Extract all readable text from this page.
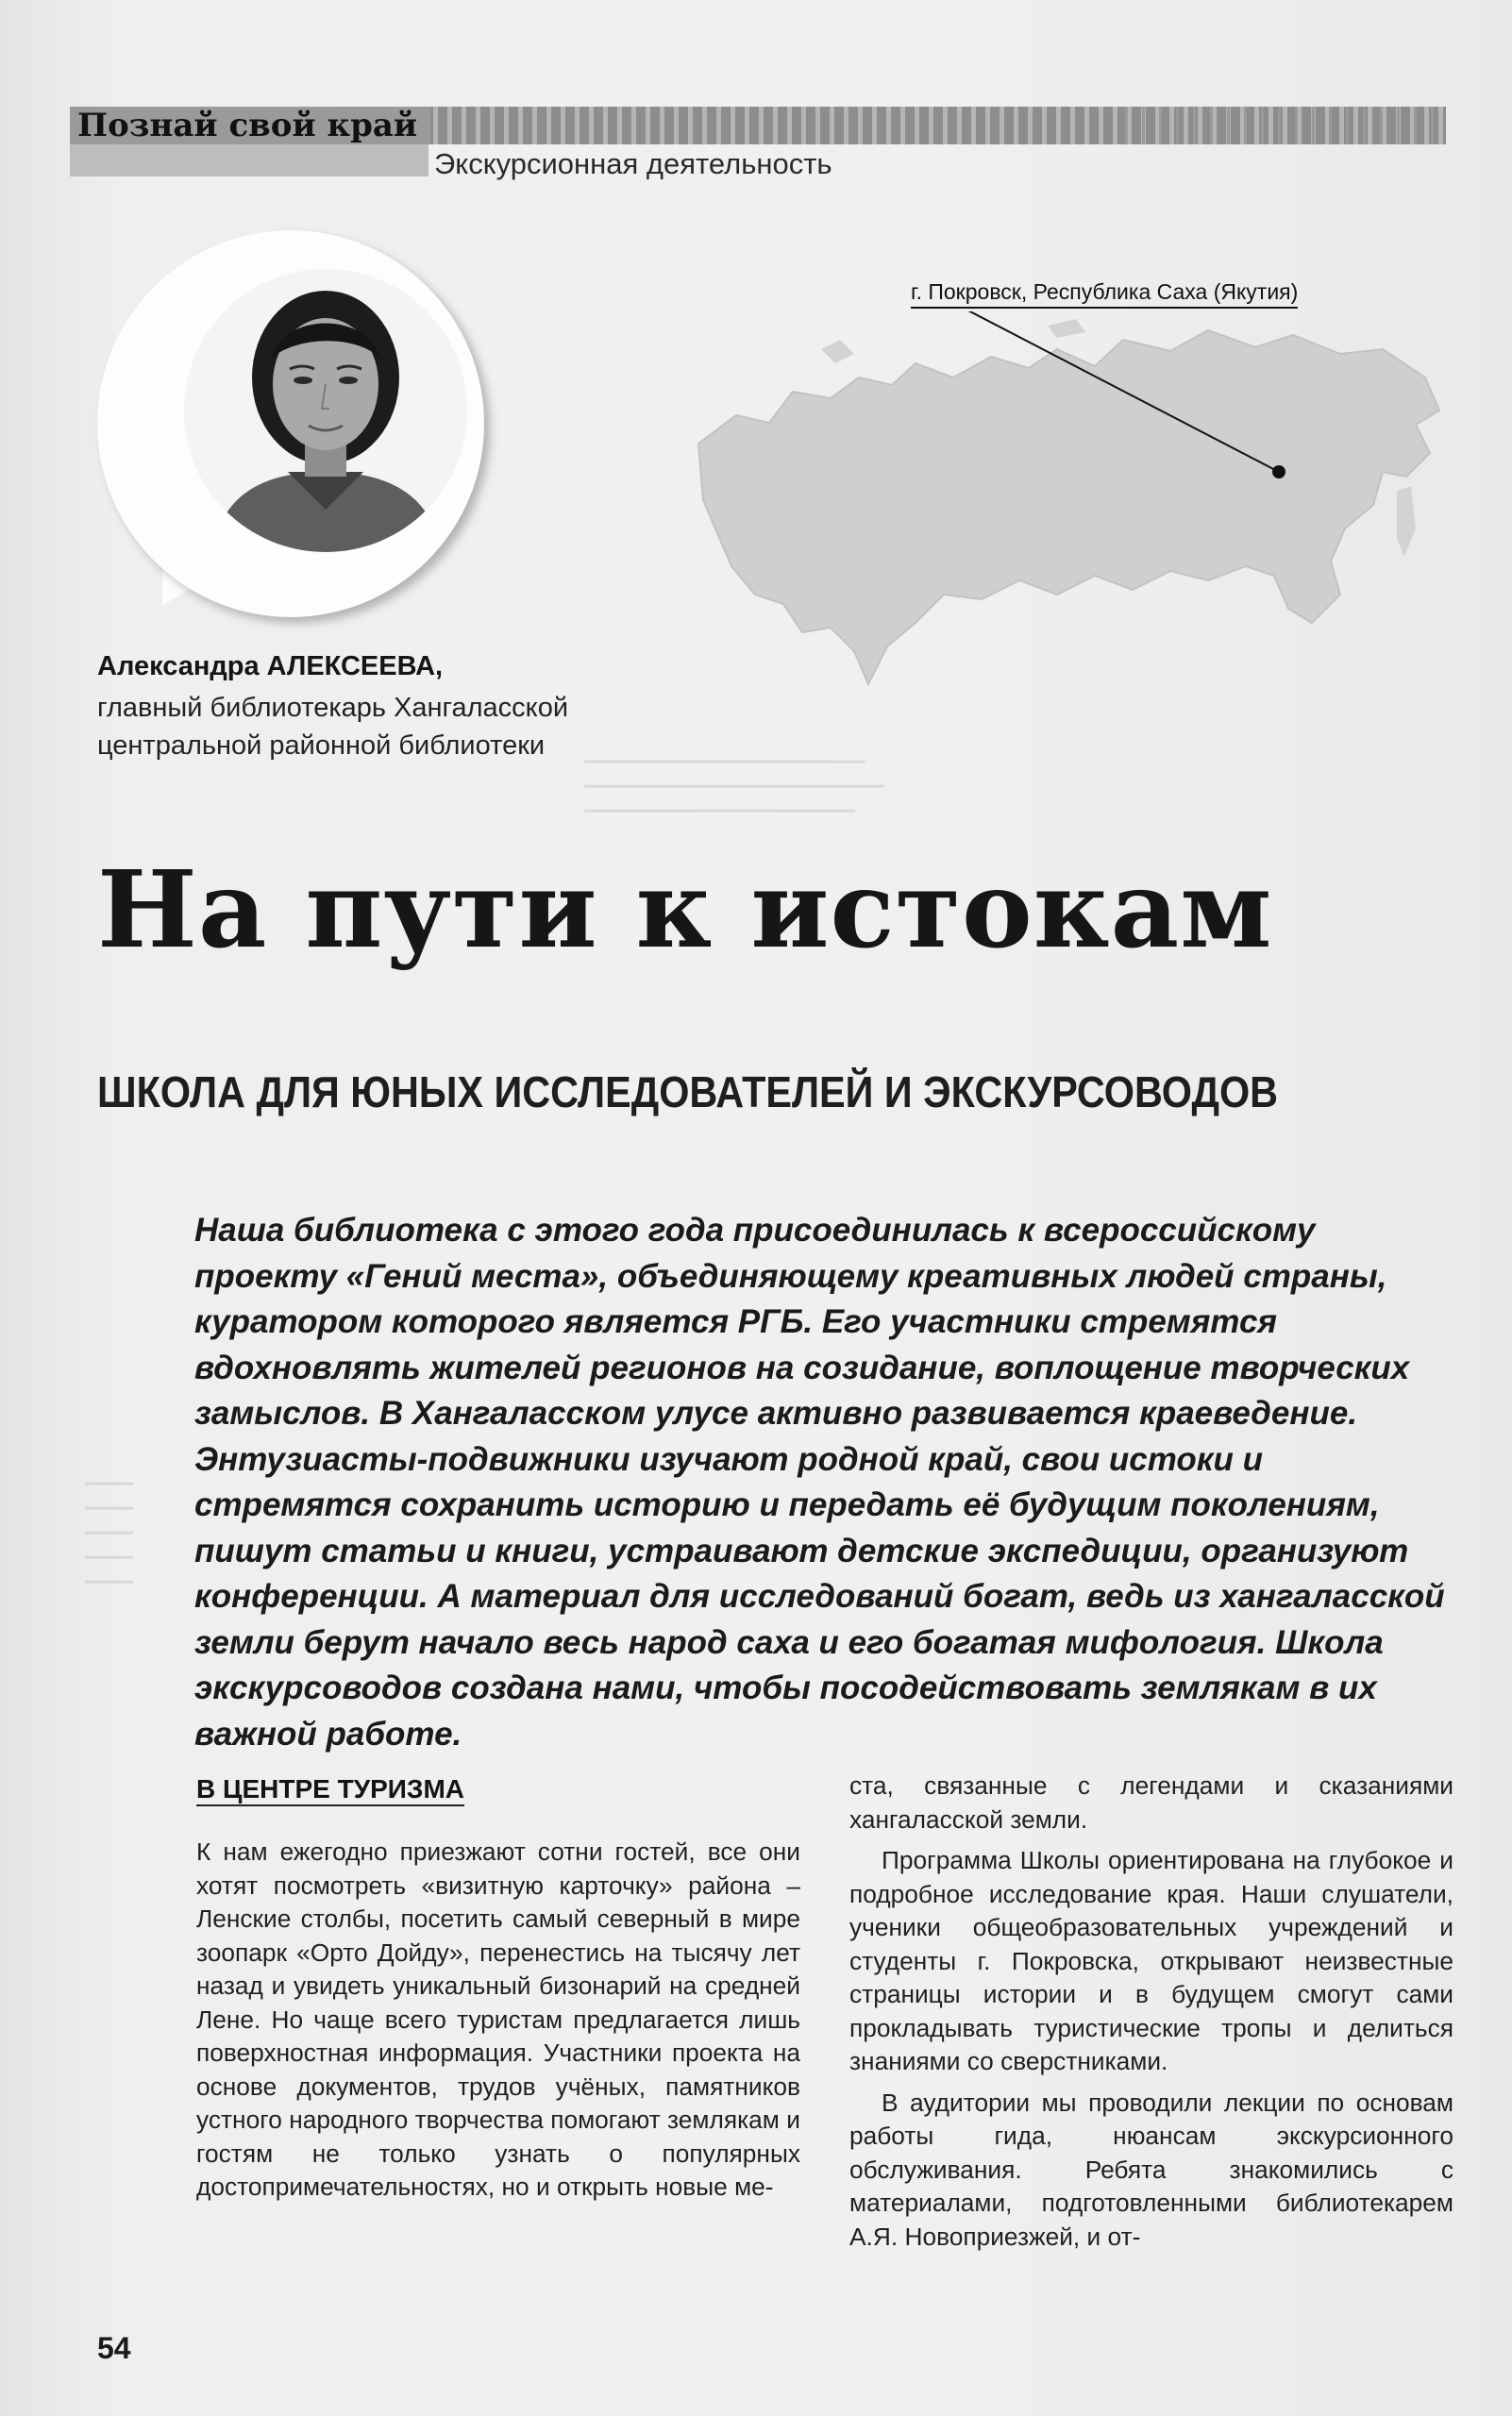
━━━━━━━━━━━━━━━━━━━━━━━━━━━━━
━━━━━━━━━━━━━━━━━━━━━━━━━━━━━━━
━━━━━━━━━━━━━━━━━━━━━━━━━━━━
━━━━━
━━━━━
━━━━━
━━━━━
━━━━━
Познай свой край
Экскурсионная деятельность
Александра АЛЕКСЕЕВА,
главный библиотекарь Хангаласской центральной районной библиотеки
г. Покровск, Республика Саха (Якутия)
На пути к истокам
ШКОЛА ДЛЯ ЮНЫХ ИССЛЕДОВАТЕЛЕЙ И ЭКСКУРСОВОДОВ

Наша библиотека с этого года присоединилась к всероссийскому проекту «Гений места», объединяющему креативных людей страны, куратором которого является РГБ. Его участники стремятся вдохновлять жителей регионов на созидание, воплощение творческих замыслов. В Хангаласском улусе активно развивается краеведение. Энтузиасты-подвижники изучают родной край, свои истоки и стремятся сохранить историю и передать её будущим поколениям, пишут статьи и книги, устраивают детские экспедиции, организуют конференции. А материал для исследований богат, ведь из хангаласской земли берут начало весь народ саха и его богатая мифология. Школа экскурсоводов создана нами, чтобы посодействовать землякам в их важной работе.

В ЦЕНТРЕ ТУРИЗМА

К нам ежегодно приезжают сотни гостей, все они хотят посмотреть «визитную карточку» района – Ленские столбы, посетить самый северный в мире зоопарк «Орто Дойду», перенестись на тысячу лет назад и увидеть уникальный бизонарий на средней Лене. Но чаще всего туристам предлагается лишь поверхностная информация. Участники проекта на основе документов, трудов учёных, памятников устного народного творчества помогают землякам и гостям не только узнать о популярных достопримечательностях, но и открыть новые ме-

ста, связанные с легендами и сказаниями хангаласской земли.

Программа Школы ориентирована на глубокое и подробное исследование края. Наши слушатели, ученики общеобразовательных учреждений и студенты г. Покровска, открывают неизвестные страницы истории и в будущем смогут сами прокладывать туристические тропы и делиться знаниями со сверстниками.

В аудитории мы проводили лекции по основам работы гида, нюансам экскурсионного обслуживания. Ребята знакомились с материалами, подготовленными библиотекарем А.Я. Новоприезжей, и от-

54
